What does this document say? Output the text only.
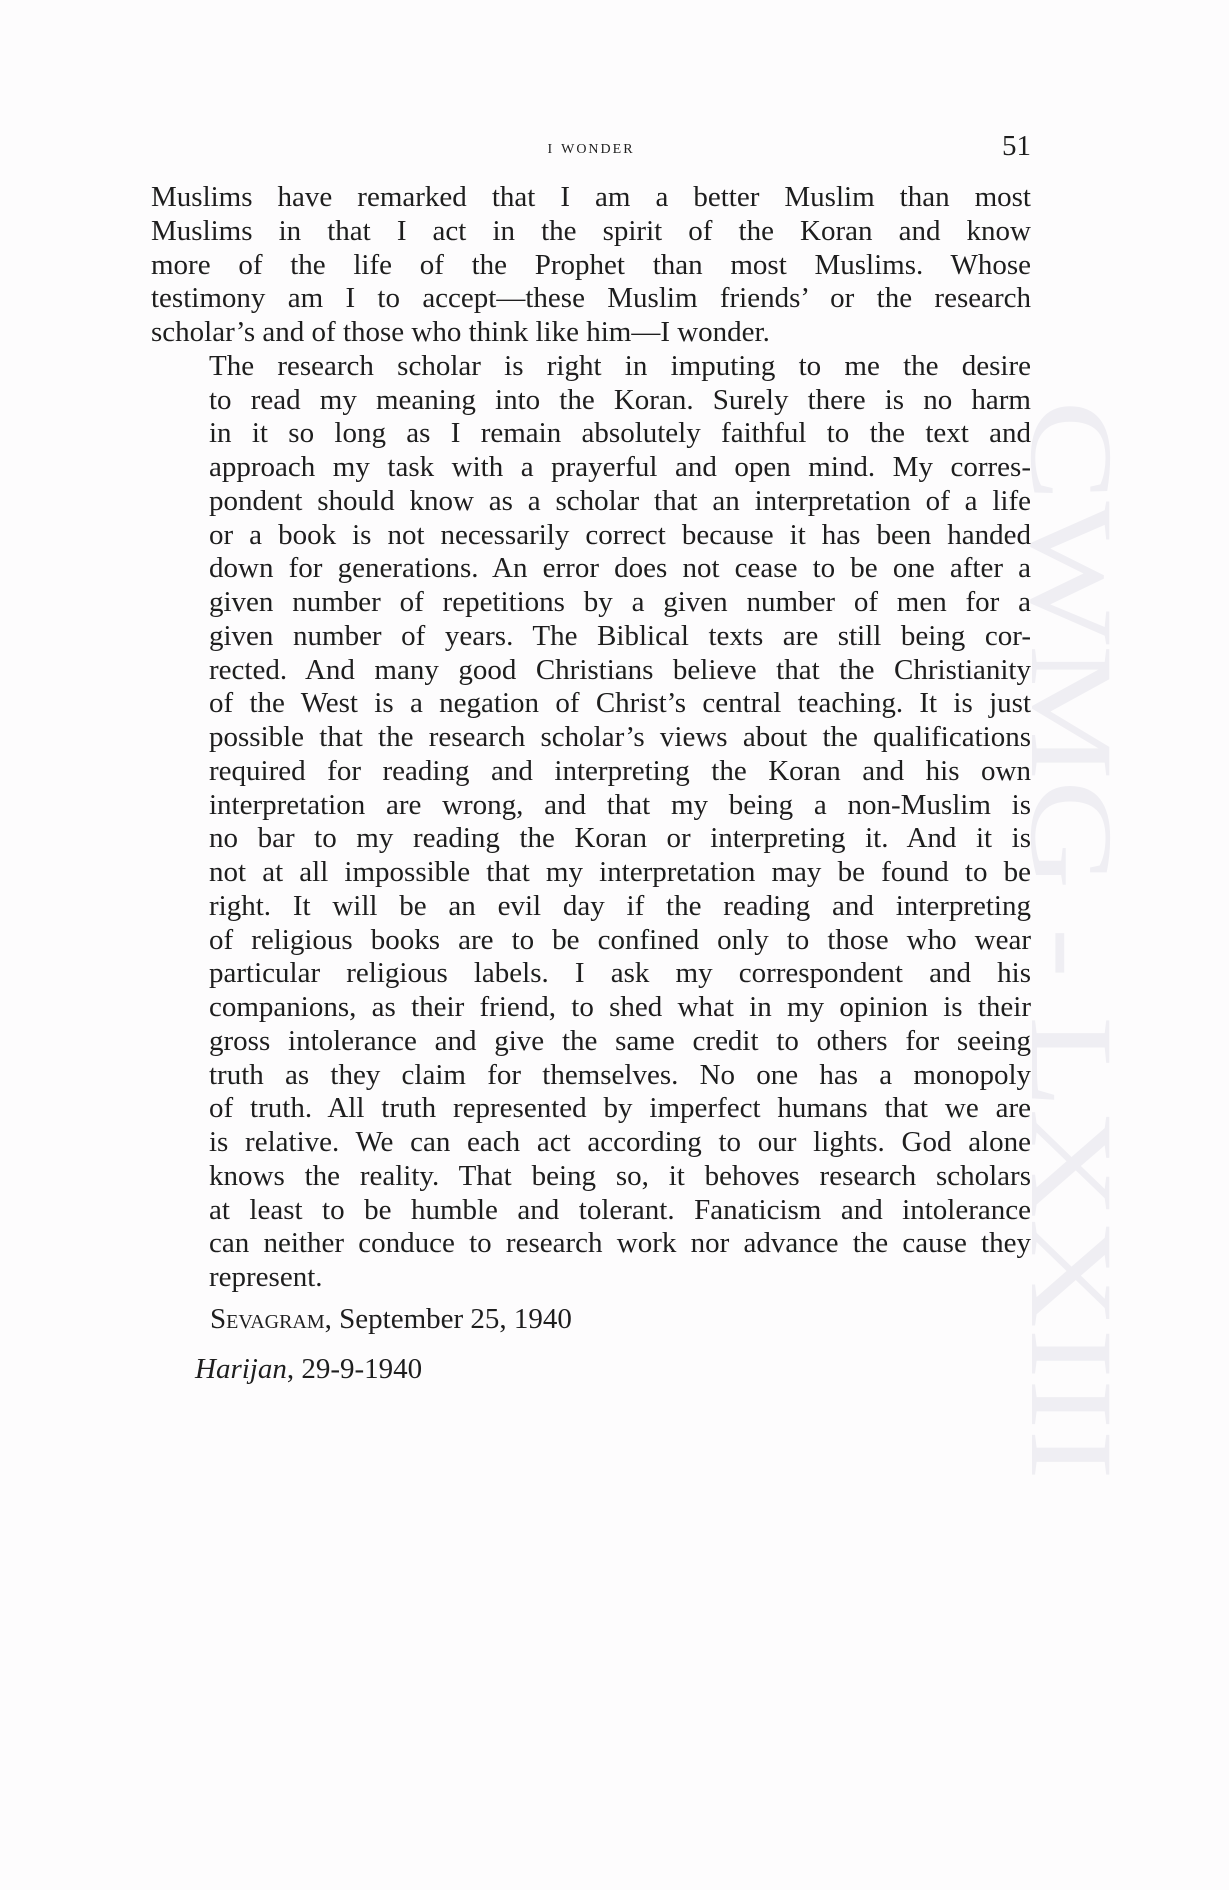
CWMG - LXXIII
i wonder	51
Muslims have remarked that I am a better Muslim than most
Muslims in that I act in the spirit of the Koran and know
more of the life of the Prophet than most Muslims. Whose
testimony am I to accept—these Muslim friends’ or the research
scholar’s and of those who think like him—I wonder.
The research scholar is right in imputing to me the desire
to read my meaning into the Koran. Surely there is no harm
in it so long as I remain absolutely faithful to the text and
approach my task with a prayerful and open mind. My corres-
pondent should know as a scholar that an interpretation of a life
or a book is not necessarily correct because it has been handed
down for generations. An error does not cease to be one after a
given number of repetitions by a given number of men for a
given number of years. The Biblical texts are still being cor-
rected. And many good Christians believe that the Christianity
of the West is a negation of Christ’s central teaching. It is just
possible that the research scholar’s views about the qualifications
required for reading and interpreting the Koran and his own
interpretation are wrong, and that my being a non-Muslim is
no bar to my reading the Koran or interpreting it. And it is
not at all impossible that my interpretation may be found to be
right. It will be an evil day if the reading and interpreting
of religious books are to be confined only to those who wear
particular religious labels. I ask my correspondent and his
companions, as their friend, to shed what in my opinion is their
gross intolerance and give the same credit to others for seeing
truth as they claim for themselves. No one has a monopoly
of truth. All truth represented by imperfect humans that we are
is relative. We can each act according to our lights. God alone
knows the reality. That being so, it behoves research scholars
at least to be humble and tolerant. Fanaticism and intolerance
can neither conduce to research work nor advance the cause they
represent.
Sevagram, September 25, 1940
Harijan, 29-9-1940
